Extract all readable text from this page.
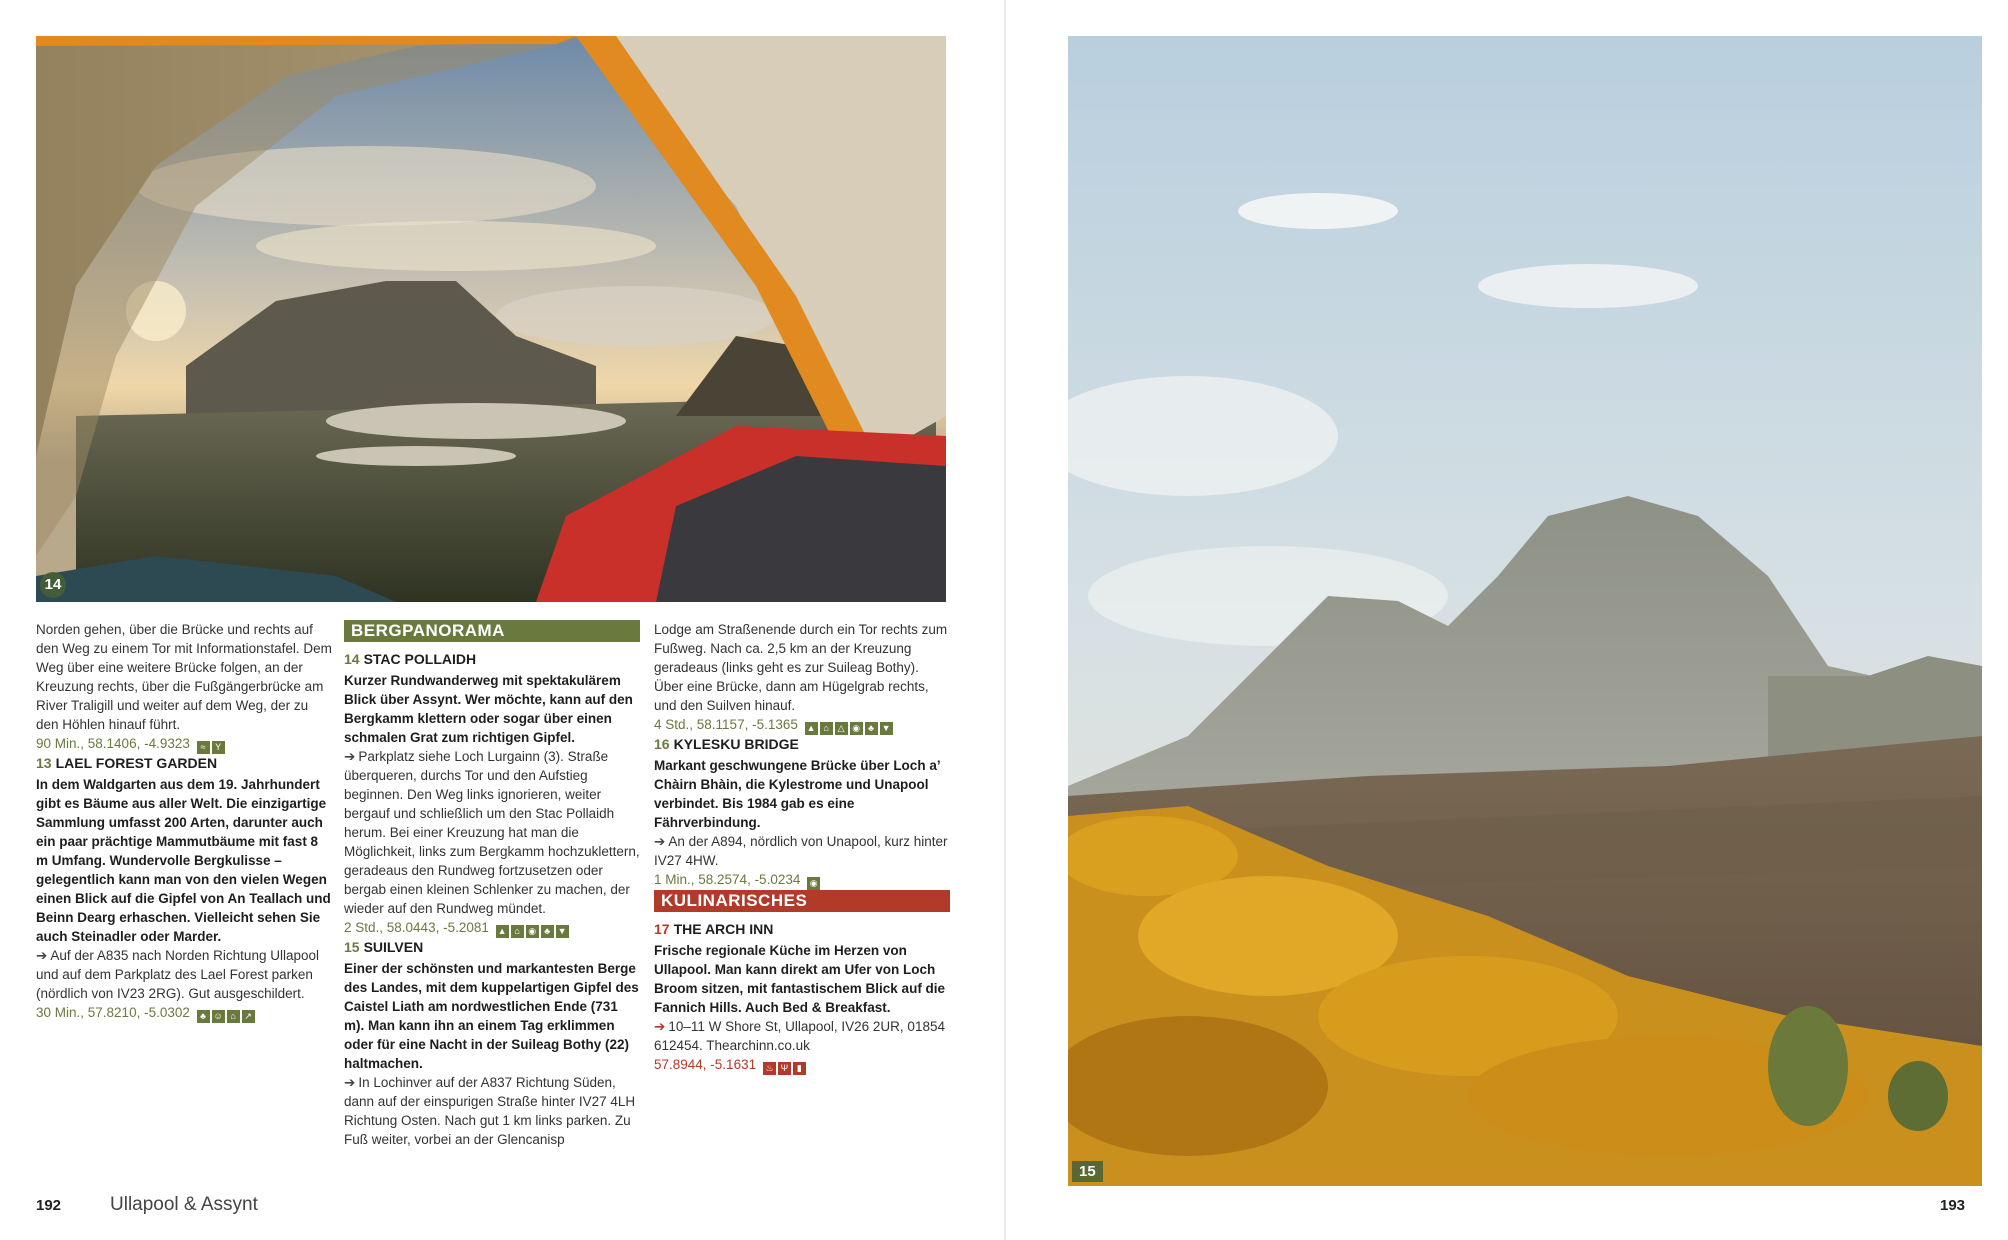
14
15

Norden gehen, über die Brücke und rechts auf den Weg zu einem Tor mit Informationstafel. Dem Weg über eine weitere Brücke folgen, an der Kreuzung rechts, über die Fußgängerbrücke am River Traligill und weiter auf dem Weg, der zu den Höhlen hinauf führt.

90 Min., 58.1406, -4.9323	≈	Y

13 LAEL FOREST GARDEN

In dem Waldgarten aus dem 19. Jahrhundert gibt es Bäume aus aller Welt. Die einzigartige Sammlung umfasst 200 Arten, darunter auch ein paar prächtige Mammutbäume mit fast 8 m Umfang. Wundervolle Bergkulisse – gelegentlich kann man von den vielen Wegen einen Blick auf die Gipfel von An Teallach und Beinn Dearg erhaschen. Vielleicht sehen Sie auch Steinadler oder Marder.

➔ Auf der A835 nach Norden Richtung Ullapool und auf dem Parkplatz des Lael Forest parken (nördlich von IV23 2RG). Gut ausgeschildert.

30 Min., 57.8210, -5.0302	♣ ☺ ⌂ ↗

BERGPANORAMA
14 STAC POLLAIDH

Kurzer Rundwanderweg mit spektakulärem Blick über Assynt. Wer möchte, kann auf den Bergkamm klettern oder sogar über einen schmalen Grat zum richtigen Gipfel.

➔ Parkplatz siehe Loch Lurgainn (3). Straße überqueren, durchs Tor und den Aufstieg beginnen. Den Weg links ignorieren, weiter bergauf und schließlich um den Stac Pollaidh herum. Bei einer Kreuzung hat man die Möglichkeit, links zum Bergkamm hochzuklettern, geradeaus den Rundweg fortzusetzen oder bergab einen kleinen Schlenker zu machen, der wieder auf den Rundweg mündet.

2 Std., 58.0443, -5.2081 ▲ ⌂ ◉ ♣ ▼

15 SUILVEN

Einer der schönsten und markantesten Berge des Landes, mit dem kuppelartigen Gipfel des Caistel Liath am nordwestlichen Ende (731 m). Man kann ihn an einem Tag erklimmen oder für eine Nacht in der Suileag Bothy (22) haltmachen.

➔ In Lochinver auf der A837 Richtung Süden, dann auf der einspurigen Straße hinter IV27 4LH Richtung Osten. Nach gut 1 km links parken. Zu Fuß weiter, vorbei an der Glencanisp

Lodge am Straßenende durch ein Tor rechts zum Fußweg. Nach ca. 2,5 km an der Kreuzung geradeaus (links geht es zur Suileag Bothy). Über eine Brücke, dann am Hügelgrab rechts, und den Suilven hinauf.

4 Std., 58.1157, -5.1365 ▲ ⌂ △ ◉ ♣ ▼

16 KYLESKU BRIDGE

Markant geschwungene Brücke über Loch a’ Chàirn Bhàin, die Kylestrome und Unapool verbindet. Bis 1984 gab es eine Fährverbindung.

➔ An der A894, nördlich von Unapool, kurz hinter IV27 4HW.

1 Min., 58.2574, -5.0234 ◉

KULINARISCHES
17 THE ARCH INN

Frische regionale Küche im Herzen von Ullapool. Man kann direkt am Ufer von Loch Broom sitzen, mit fantastischem Blick auf die Fannich Hills. Auch Bed & Breakfast.

➔ 10–11 W Shore St, Ullapool, IV26 2UR, 01854 612454. Thearchinn.co.uk

57.8944, -5.1631 ♨ Ψ ▮

192	Ullapool & Assynt	193
